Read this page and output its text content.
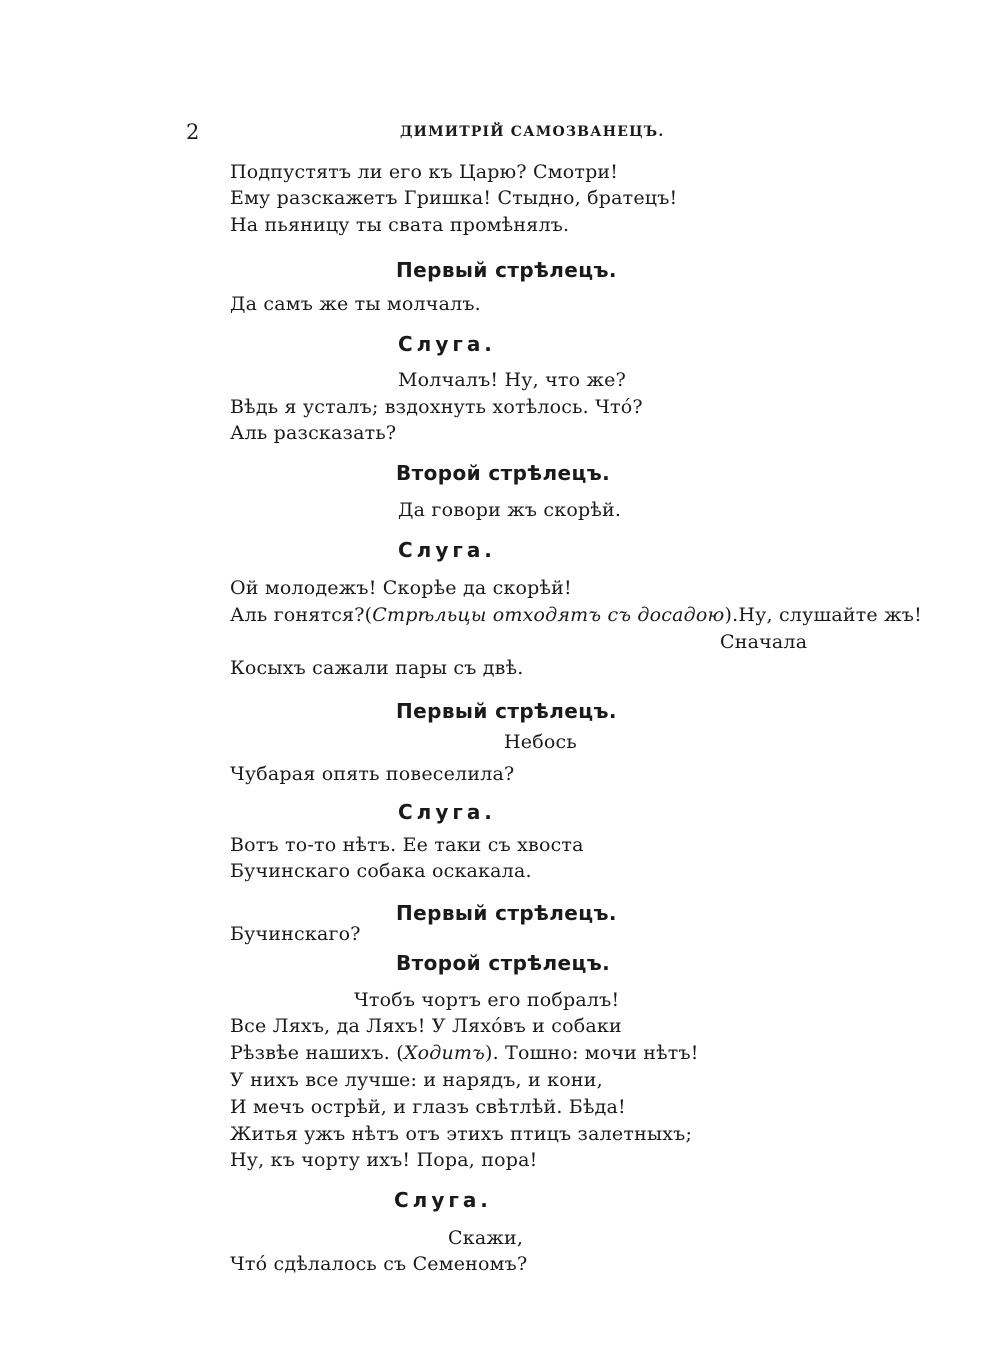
2	ДИМИТРІЙ САМОЗВАНЕЦЪ.
Подпустятъ ли его къ Царю? Смотри!
Ему разскажетъ Гришка! Стыдно, братецъ!
На пьяницу ты свата промѣнялъ.
Первый стрѣлецъ.
Да самъ же ты молчалъ.
Слуга.
Молчалъ! Ну, что же?
Вѣдь я усталъ; вздохнуть хотѣлось. Чтó?
Аль разсказать?
Второй стрѣлецъ.
Да говори жъ скорѣй.
Слуга.
Ой молодежъ! Скорѣе да скорѣй!
Аль гонятся?(Стрѣльцы отходятъ съ досадою).Ну, слушайте жъ!
Сначала
Косыхъ сажали пары съ двѣ.
Первый стрѣлецъ.
Небось
Чубарая опять повеселила?
Слуга.
Вотъ то-то нѣтъ. Ее таки съ хвоста
Бучинскаго собака оскакала.
Первый стрѣлецъ.
Бучинскаго?
Второй стрѣлецъ.
Чтобъ чортъ его побралъ!
Все Ляхъ, да Ляхъ! У Ляхóвъ и собаки
Рѣзвѣе нашихъ. (Ходитъ). Тошно: мочи нѣтъ!
У нихъ все лучше: и нарядъ, и кони,
И мечъ острѣй, и глазъ свѣтлѣй. Бѣда!
Житья ужъ нѣтъ отъ этихъ птицъ залетныхъ;
Ну, къ чорту ихъ! Пора, пора!
Слуга.
Скажи,
Чтó сдѣлалось съ Семеномъ?
